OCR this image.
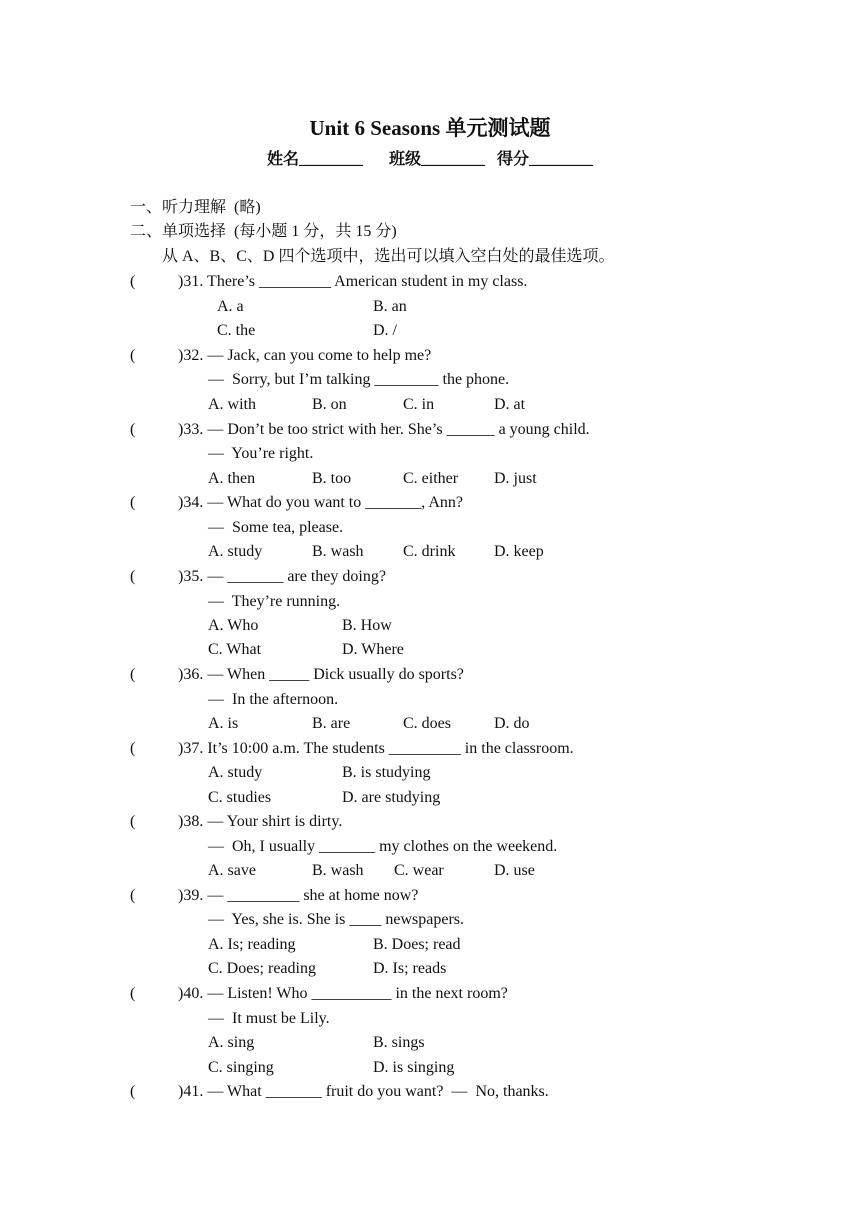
Unit 6 Seasons 单元测试题
姓名________ 班级________ 得分________
一、听力理解  (略)
二、单项选择  (每小题 1 分，共 15 分)
从 A、B、C、D 四个选项中，选出可以填入空白处的最佳选项。
(	)31. There’s _________ American student in my class.
A. a	B. an
C. the	D. /
(	)32. — Jack, can you come to help me?
—  Sorry, but I’m talking ________ the phone.
A. with	B. on	C. in	D. at
(	)33. — Don’t be too strict with her. She’s ______ a young child.
—  You’re right.
A. then	B. too	C. either D. just
(	)34. — What do you want to _______, Ann?
—  Some tea, please.
A. study	B. wash C. drink D. keep
(	)35. — _______ are they doing?
—  They’re running.
A. Who	B. How
C. What	D. Where
(	)36. — When _____ Dick usually do sports?
—  In the afternoon.
A. is	B. are	C. does	D. do
(	)37. It’s 10:00 a.m. The students _________ in the classroom.
A. study	B. is studying
C. studies	D. are studying
(	)38. — Your shirt is dirty.
—  Oh, I usually _______ my clothes on the weekend.
A. save	B. wash C. wear	D. use
(	)39. — _________ she at home now?
—  Yes, she is. She is ____ newspapers.
A. Is; reading	B. Does; read
C. Does; reading	D. Is; reads
(	)40. — Listen! Who __________ in the next room?
—  It must be Lily.
A. sing	B. sings
C. singing	D. is singing
(	)41. — What _______ fruit do you want?  —  No, thanks.
